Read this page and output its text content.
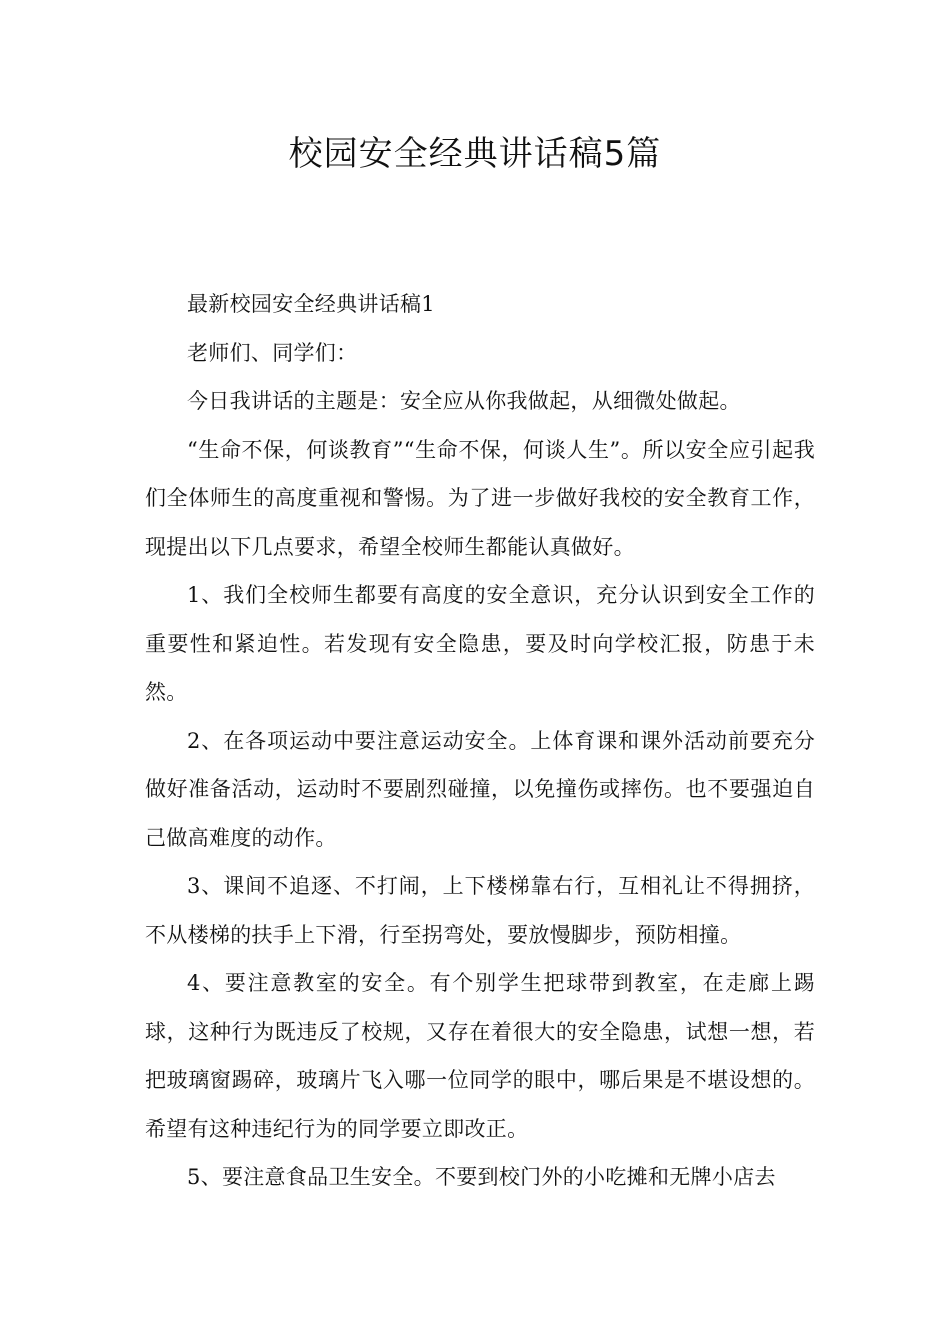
校园安全经典讲话稿5篇

最新校园安全经典讲话稿1

老师们、同学们：

今日我讲话的主题是：安全应从你我做起，从细微处做起。

“生命不保，何谈教育”“生命不保，何谈人生”。所以安全应引起我们全体师生的高度重视和警惕。为了进一步做好我校的安全教育工作，现提出以下几点要求，希望全校师生都能认真做好。

1、我们全校师生都要有高度的安全意识，充分认识到安全工作的重要性和紧迫性。若发现有安全隐患，要及时向学校汇报，防患于未然。

2、在各项运动中要注意运动安全。上体育课和课外活动前要充分做好准备活动，运动时不要剧烈碰撞，以免撞伤或摔伤。也不要强迫自己做高难度的动作。

3、课间不追逐、不打闹，上下楼梯靠右行，互相礼让不得拥挤，不从楼梯的扶手上下滑，行至拐弯处，要放慢脚步，预防相撞。

4、要注意教室的安全。有个别学生把球带到教室，在走廊上踢球，这种行为既违反了校规，又存在着很大的安全隐患，试想一想，若把玻璃窗踢碎，玻璃片飞入哪一位同学的眼中，哪后果是不堪设想的。希望有这种违纪行为的同学要立即改正。

5、要注意食品卫生安全。不要到校门外的小吃摊和无牌小店去
